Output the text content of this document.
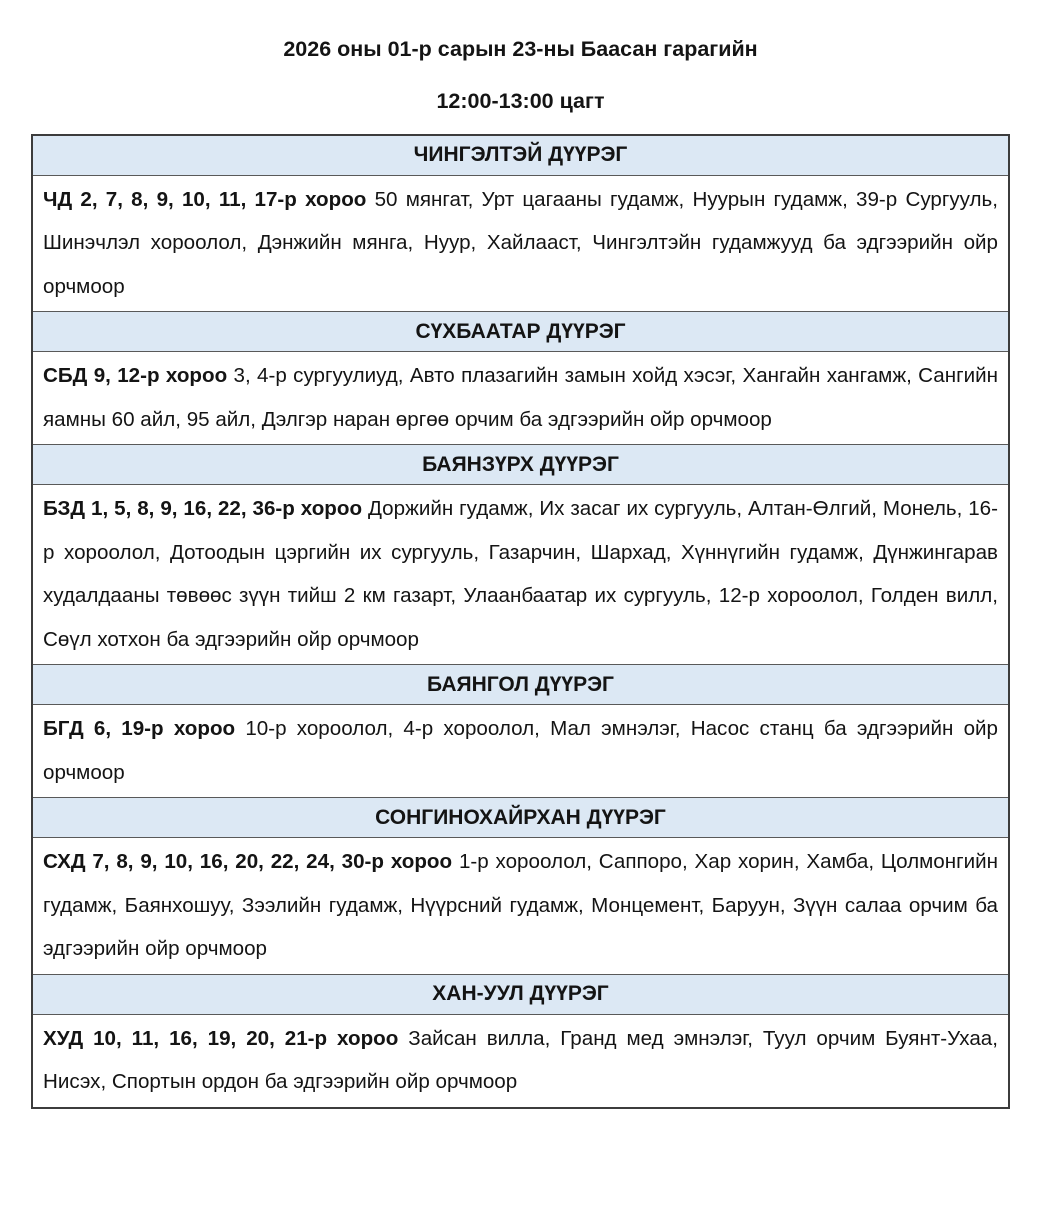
2026 оны 01-р сарын 23-ны Баасан гарагийн

12:00-13:00 цагт

ЧИНГЭЛТЭЙ ДҮҮРЭГ
ЧД 2, 7, 8, 9, 10, 11, 17-р хороо 50 мянгат, Урт цагааны гудамж, Нуурын гудамж, 39-р Сургууль, Шинэчлэл хороолол, Дэнжийн мянга, Нуур, Хайлааст, Чингэлтэйн гудамжууд ба эдгээрийн ойр орчмоор
СҮХБААТАР ДҮҮРЭГ
СБД 9, 12-р хороо 3, 4-р сургуулиуд, Авто плазагийн замын хойд хэсэг, Хангайн хангамж, Сангийн яамны 60 айл, 95 айл, Дэлгэр наран өргөө орчим ба эдгээрийн ойр орчмоор
БАЯНЗҮРХ ДҮҮРЭГ
БЗД 1, 5, 8, 9, 16, 22, 36-р хороо Доржийн гудамж, Их засаг их сургууль, Алтан-Өлгий, Монель, 16-р хороолол, Дотоодын цэргийн их сургууль, Газарчин, Шархад, Хүннүгийн гудамж, Дүнжингарав худалдааны төвөөс зүүн тийш 2 км газарт, Улаанбаатар их сургууль, 12-р хороолол, Голден вилл, Сөүл хотхон ба эдгээрийн ойр орчмоор
БАЯНГОЛ ДҮҮРЭГ
БГД 6, 19-р хороо 10-р хороолол, 4-р хороолол, Мал эмнэлэг, Насос станц ба эдгээрийн ойр орчмоор
СОНГИНОХАЙРХАН ДҮҮРЭГ
СХД 7, 8, 9, 10, 16, 20, 22, 24, 30-р хороо 1-р хороолол, Саппоро, Хар хорин, Хамба, Цолмонгийн гудамж, Баянхошуу, Зээлийн гудамж, Нүүрсний гудамж, Монцемент, Баруун, Зүүн салаа орчим ба эдгээрийн ойр орчмоор
ХАН-УУЛ ДҮҮРЭГ
ХУД 10, 11, 16, 19, 20, 21-р хороо Зайсан вилла, Гранд мед эмнэлэг, Туул орчим Буянт-Ухаа, Нисэх, Спортын ордон ба эдгээрийн ойр орчмоор
